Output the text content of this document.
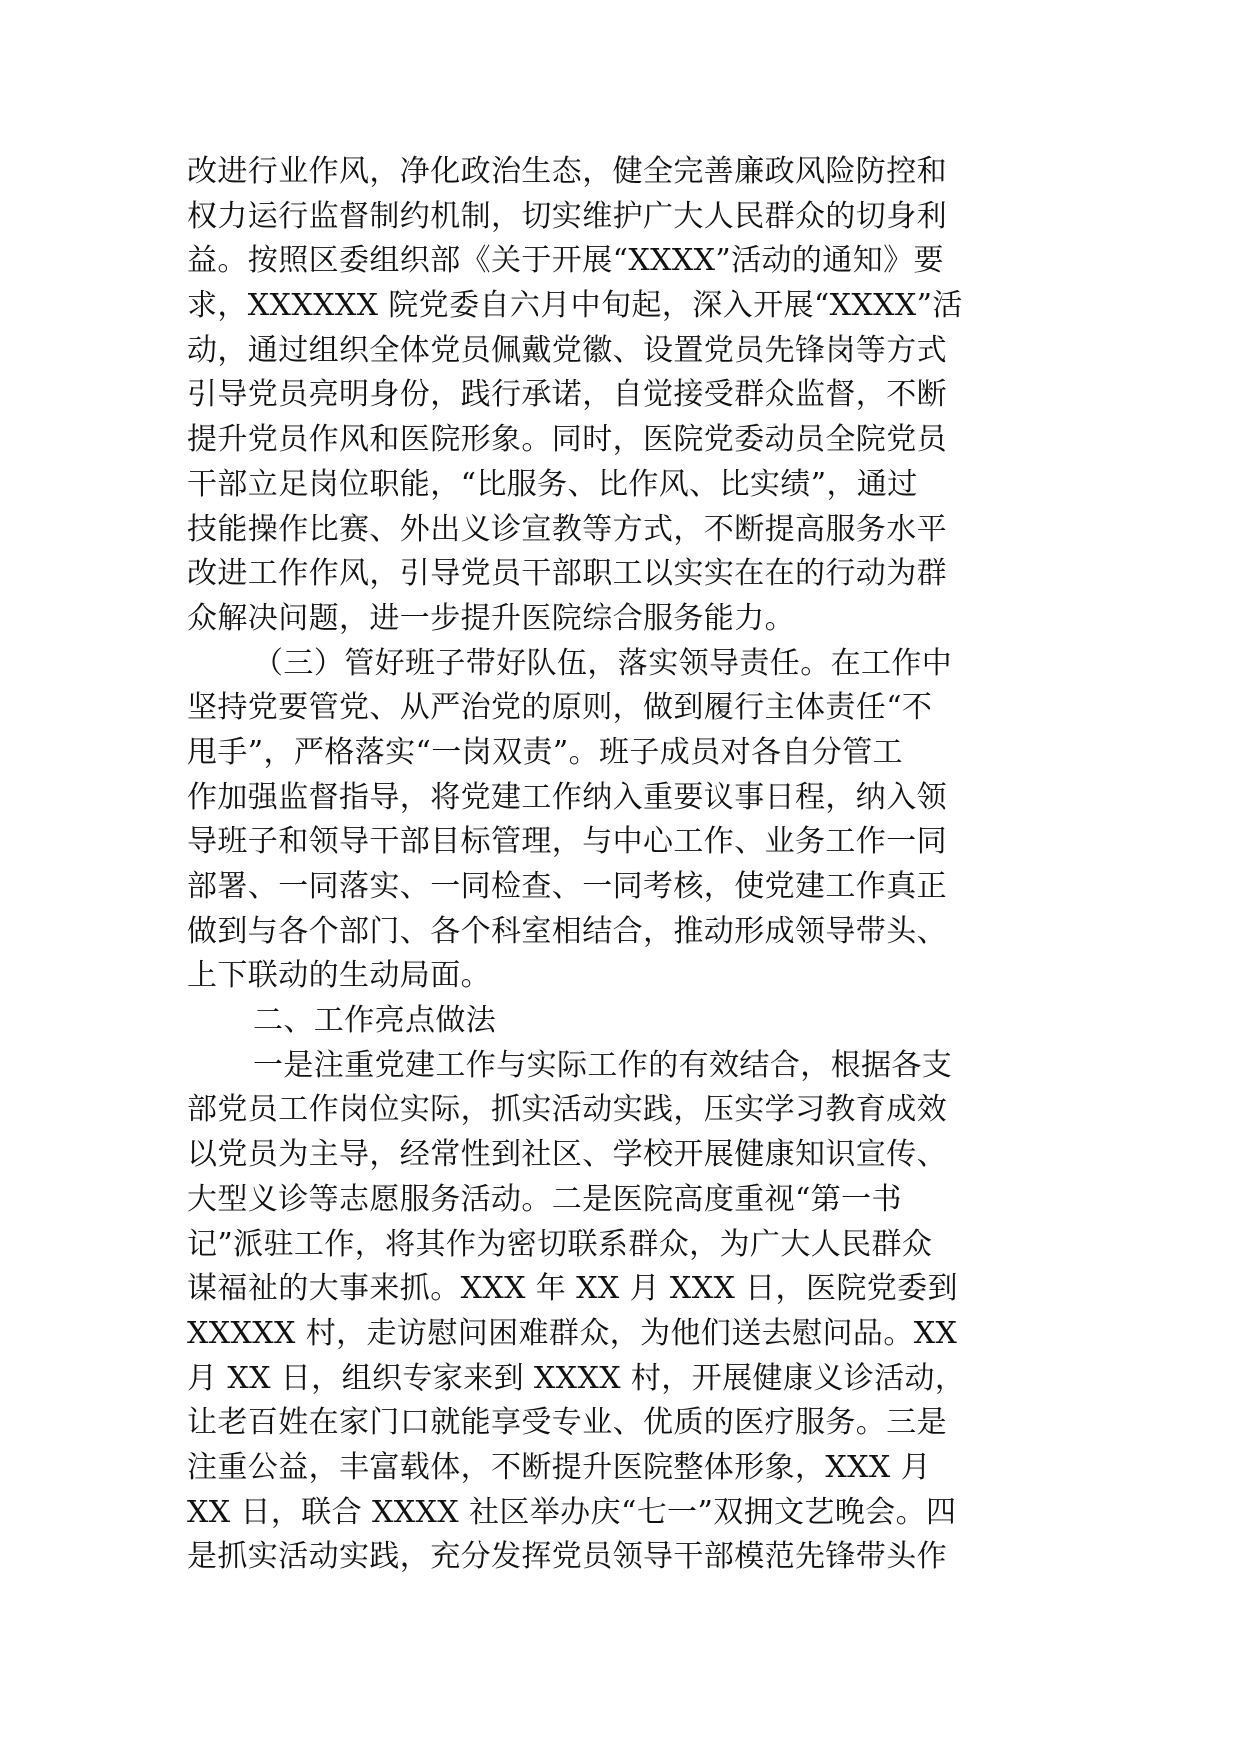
改进行业作风，净化政治生态，健全完善廉政风险防控和
权力运行监督制约机制，切实维护广大人民群众的切身利
益。按照区委组织部《关于开展“XXXX”活动的通知》要
求，XXXXXX 院党委自六月中旬起，深入开展“XXXX”活
动，通过组织全体党员佩戴党徽、设置党员先锋岗等方式
引导党员亮明身份，践行承诺，自觉接受群众监督，不断
提升党员作风和医院形象。同时，医院党委动员全院党员
干部立足岗位职能，“比服务、比作风、比实绩”，通过
技能操作比赛、外出义诊宣教等方式，不断提高服务水平
改进工作作风，引导党员干部职工以实实在在的行动为群
众解决问题，进一步提升医院综合服务能力。
（三）管好班子带好队伍，落实领导责任。在工作中
坚持党要管党、从严治党的原则，做到履行主体责任“不
甩手”，严格落实“一岗双责”。班子成员对各自分管工
作加强监督指导，将党建工作纳入重要议事日程，纳入领
导班子和领导干部目标管理，与中心工作、业务工作一同
部署、一同落实、一同检查、一同考核，使党建工作真正
做到与各个部门、各个科室相结合，推动形成领导带头、
上下联动的生动局面。
二、工作亮点做法
一是注重党建工作与实际工作的有效结合，根据各支
部党员工作岗位实际，抓实活动实践，压实学习教育成效
以党员为主导，经常性到社区、学校开展健康知识宣传、
大型义诊等志愿服务活动。二是医院高度重视“第一书
记”派驻工作，将其作为密切联系群众，为广大人民群众
谋福祉的大事来抓。XXX 年 XX 月 XXX 日，医院党委到
XXXXX 村，走访慰问困难群众，为他们送去慰问品。XX
月 XX 日，组织专家来到 XXXX 村，开展健康义诊活动，
让老百姓在家门口就能享受专业、优质的医疗服务。三是
注重公益，丰富载体，不断提升医院整体形象，XXX 月
XX 日，联合 XXXX 社区举办庆“七一”双拥文艺晚会。四
是抓实活动实践，充分发挥党员领导干部模范先锋带头作
